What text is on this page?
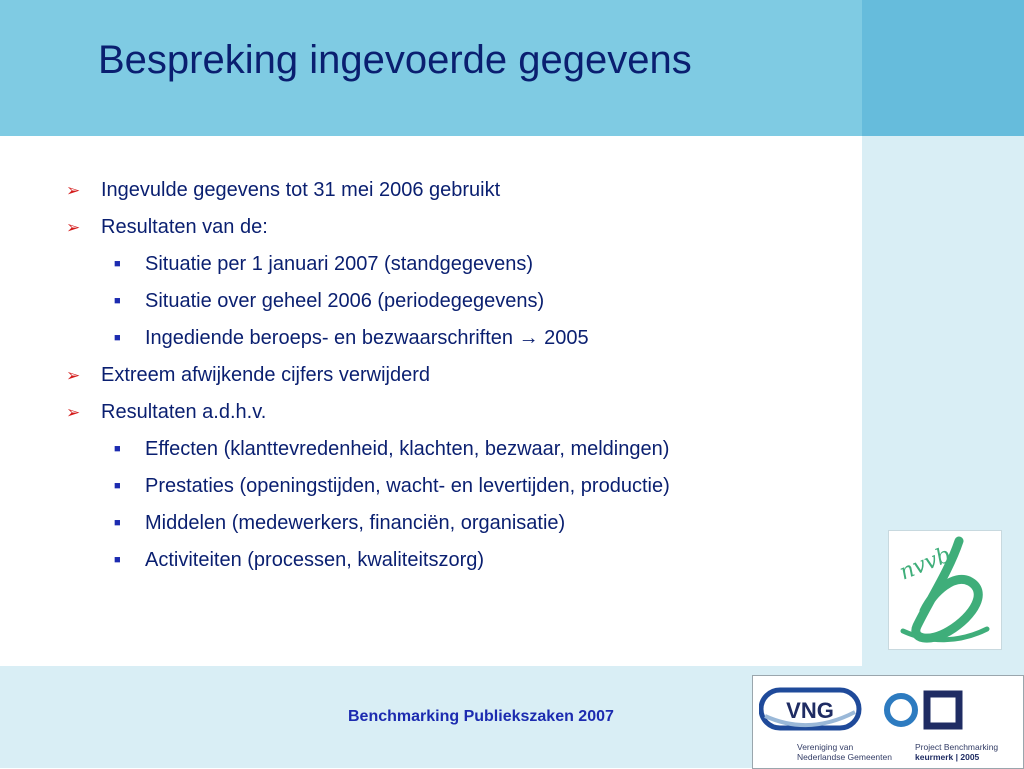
Bespreking ingevoerde gegevens
➢ Ingevulde gegevens tot 31 mei 2006 gebruikt
➢ Resultaten van de:
■ Situatie per 1 januari 2007 (standgegevens)
■ Situatie over geheel 2006 (periodegegevens)
■ Ingediende beroeps- en bezwaarschriften → 2005
➢ Extreem afwijkende cijfers verwijderd
➢ Resultaten a.d.h.v.
■ Effecten (klanttevredenheid, klachten, bezwaar, meldingen)
■ Prestaties (openingstijden, wacht- en levertijden, productie)
■ Middelen (medewerkers, financiën, organisatie)
■ Activiteiten (processen, kwaliteitszorg)	nvvb
Benchmarking Publiekszaken 2007	VNG
Vereniging van
Nederlandse Gemeenten
Project Benchmarking
keurmerk | 2005
